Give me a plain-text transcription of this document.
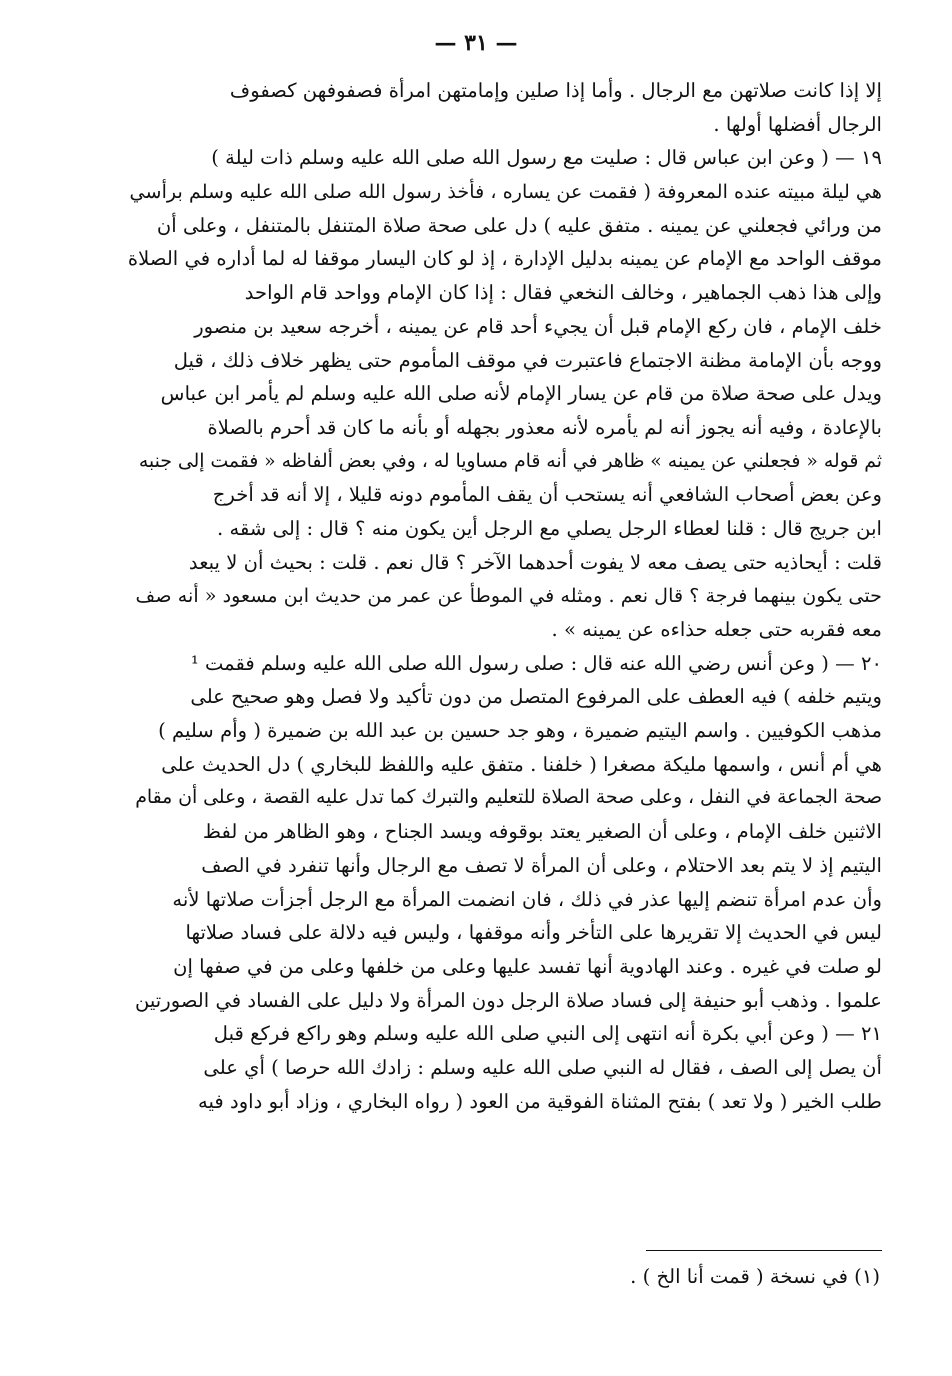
— ٣١ —
إلا إذا كانت صلاتهن مع الرجال . وأما إذا صلين وإمامتهن امرأة فصفوفهن كصفوف
الرجال أفضلها أولها .
١٩ — ( وعن ابن عباس قال : صليت مع رسول الله صلى الله عليه وسلم ذات ليلة )
هي ليلة مبيته عنده المعروفة ( فقمت عن يساره ، فأخذ رسول الله صلى الله عليه وسلم برأسي
من ورائي فجعلني عن يمينه . متفق عليه ) دل على صحة صلاة المتنفل بالمتنفل ، وعلى أن
موقف الواحد مع الإمام عن يمينه بدليل الإدارة ، إذ لو كان اليسار موقفا له لما أداره في الصلاة
وإلى هذا ذهب الجماهير ، وخالف النخعي فقال : إذا كان الإمام وواحد قام الواحد
خلف الإمام ، فان ركع الإمام قبل أن يجيء أحد قام عن يمينه ، أخرجه سعيد بن منصور
ووجه بأن الإمامة مظنة الاجتماع فاعتبرت في موقف المأموم حتى يظهر خلاف ذلك ، قيل
ويدل على صحة صلاة من قام عن يسار الإمام لأنه صلى الله عليه وسلم لم يأمر ابن عباس
بالإعادة ، وفيه أنه يجوز أنه لم يأمره لأنه معذور بجهله أو بأنه ما كان قد أحرم بالصلاة
ثم قوله « فجعلني عن يمينه » ظاهر في أنه قام مساويا له ، وفي بعض ألفاظه « فقمت إلى جنبه
وعن بعض أصحاب الشافعي أنه يستحب أن يقف المأموم دونه قليلا ، إلا أنه قد أخرج
ابن جريج قال : قلنا لعطاء الرجل يصلي مع الرجل أين يكون منه ؟ قال : إلى شقه .
قلت : أيحاذيه حتى يصف معه لا يفوت أحدهما الآخر ؟ قال نعم . قلت : بحيث أن لا يبعد
حتى يكون بينهما فرجة ؟ قال نعم . ومثله في الموطأ عن عمر من حديث ابن مسعود « أنه صف
معه فقربه حتى جعله حذاءه عن يمينه » .
٢٠ — ( وعن أنس رضي الله عنه قال : صلى رسول الله صلى الله عليه وسلم فقمت ¹
ويتيم خلفه ) فيه العطف على المرفوع المتصل من دون تأكيد ولا فصل وهو صحيح على
مذهب الكوفيين . واسم اليتيم ضميرة ، وهو جد حسين بن عبد الله بن ضميرة ( وأم سليم )
هي أم أنس ، واسمها مليكة مصغرا ( خلفنا . متفق عليه واللفظ للبخاري ) دل الحديث على
صحة الجماعة في النفل ، وعلى صحة الصلاة للتعليم والتبرك كما تدل عليه القصة ، وعلى أن مقام
الاثنين خلف الإمام ، وعلى أن الصغير يعتد بوقوفه ويسد الجناح ، وهو الظاهر من لفظ
اليتيم إذ لا يتم بعد الاحتلام ، وعلى أن المرأة لا تصف مع الرجال وأنها تنفرد في الصف
وأن عدم امرأة تنضم إليها عذر في ذلك ، فان انضمت المرأة مع الرجل أجزأت صلاتها لأنه
ليس في الحديث إلا تقريرها على التأخر وأنه موقفها ، وليس فيه دلالة على فساد صلاتها
لو صلت في غيره . وعند الهادوية أنها تفسد عليها وعلى من خلفها وعلى من في صفها إن
علموا . وذهب أبو حنيفة إلى فساد صلاة الرجل دون المرأة ولا دليل على الفساد في الصورتين
٢١ — ( وعن أبي بكرة أنه انتهى إلى النبي صلى الله عليه وسلم وهو راكع فركع قبل
أن يصل إلى الصف ، فقال له النبي صلى الله عليه وسلم : زادك الله حرصا ) أي على
طلب الخير ( ولا تعد ) بفتح المثناة الفوقية من العود ( رواه البخاري ، وزاد أبو داود فيه
(١) في نسخة ( قمت أنا الخ ) .
